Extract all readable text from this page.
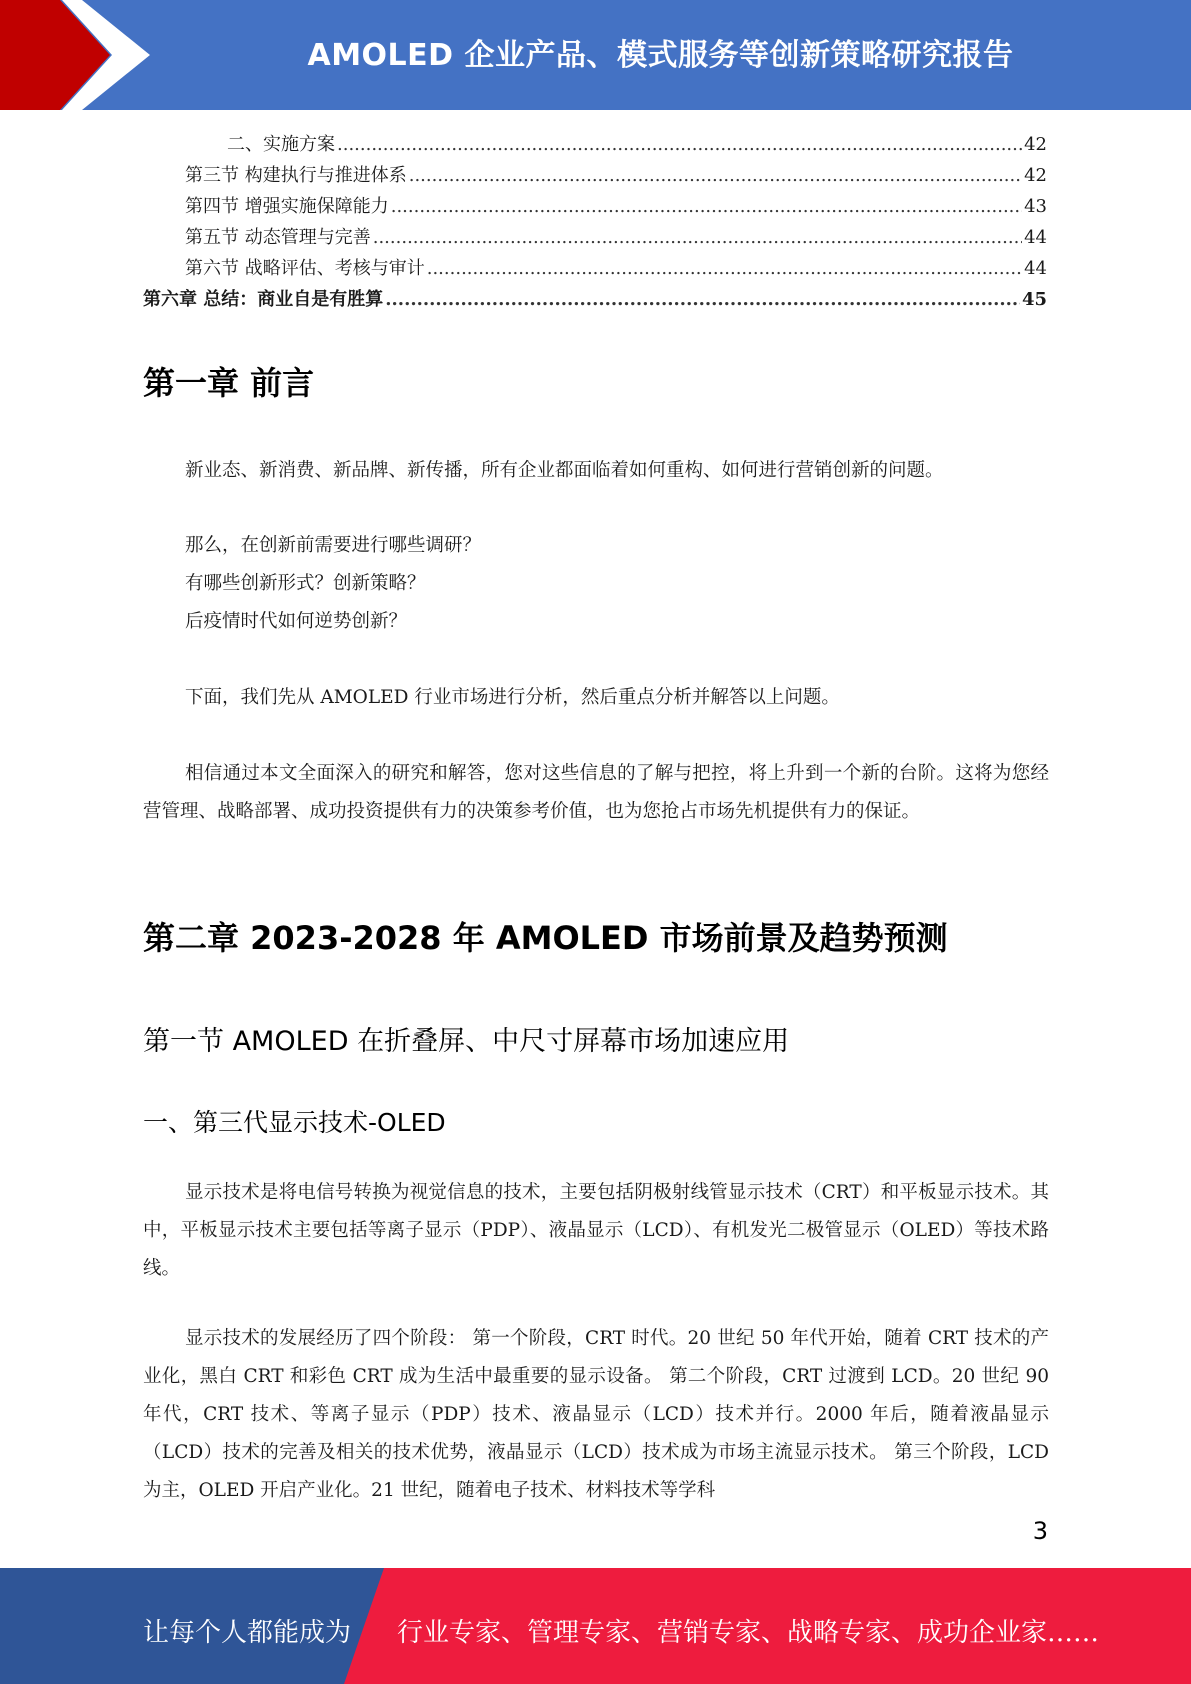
AMOLED 企业产品、模式服务等创新策略研究报告
二、实施方案 .....	42
第三节 构建执行与推进体系 .....	42
第四节 增强实施保障能力 .....	43
第五节 动态管理与完善 .....	44
第六节 战略评估、考核与审计 .....	44
第六章 总结：商业自是有胜算 .....	45
第一章 前言
新业态、新消费、新品牌、新传播，所有企业都面临着如何重构、如何进行营销创新的问题。
那么，在创新前需要进行哪些调研？
有哪些创新形式？创新策略？
后疫情时代如何逆势创新？
下面，我们先从 AMOLED 行业市场进行分析，然后重点分析并解答以上问题。

相信通过本文全面深入的研究和解答，您对这些信息的了解与把控，将上升到一个新的台阶。这将为您经营管理、战略部署、成功投资提供有力的决策参考价值，也为您抢占市场先机提供有力的保证。

第二章 2023-2028 年 AMOLED 市场前景及趋势预测
第一节 AMOLED 在折叠屏、中尺寸屏幕市场加速应用
一、第三代显示技术-OLED

显示技术是将电信号转换为视觉信息的技术，主要包括阴极射线管显示技术（CRT）和平板显示技术。其中，平板显示技术主要包括等离子显示（PDP）、液晶显示（LCD）、有机发光二极管显示（OLED）等技术路线。

显示技术的发展经历了四个阶段： 第一个阶段，CRT 时代。20 世纪 50 年代开始，随着 CRT 技术的产业化，黑白 CRT 和彩色 CRT 成为生活中最重要的显示设备。 第二个阶段，CRT 过渡到 LCD。20 世纪 90 年代，CRT 技术、等离子显示（PDP）技术、液晶显示（LCD）技术并行。2000 年后，随着液晶显示（LCD）技术的完善及相关的技术优势，液晶显示（LCD）技术成为市场主流显示技术。 第三个阶段，LCD 为主，OLED 开启产业化。21 世纪，随着电子技术、材料技术等学科

3
让每个人都能成为 行业专家、管理专家、营销专家、战略专家、成功企业家……
